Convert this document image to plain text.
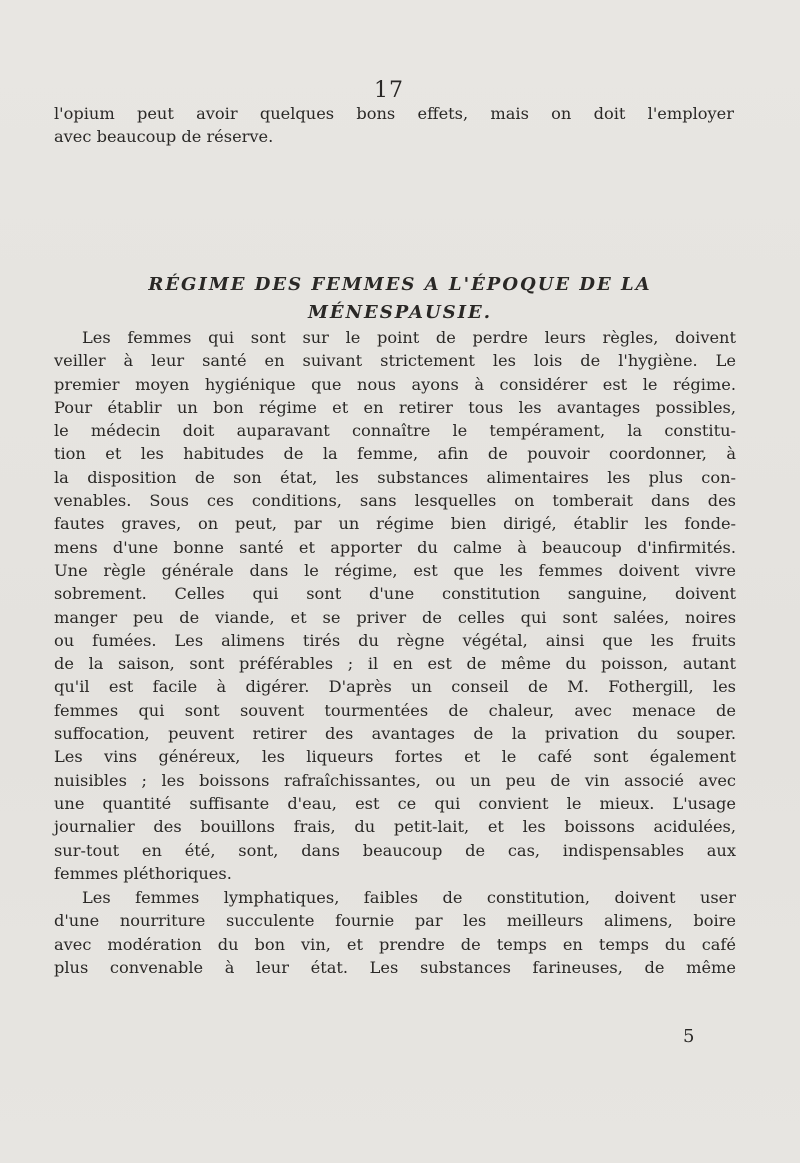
17
l'opium peut avoir quelques bons effets, mais on doit l'employer
avec beaucoup de réserve.
RÉGIME DES FEMMES A L'ÉPOQUE DE LA
MÉNESPAUSIE.
Les femmes qui sont sur le point de perdre leurs règles, doivent
veiller à leur santé en suivant strictement les lois de l'hygiène. Le
premier moyen hygiénique que nous ayons à considérer est le régime.
Pour établir un bon régime et en retirer tous les avantages possibles,
le médecin doit auparavant connaître le tempérament, la constitu-
tion et les habitudes de la femme, afin de pouvoir coordonner, à
la disposition de son état, les substances alimentaires les plus con-
venables. Sous ces conditions, sans lesquelles on tomberait dans des
fautes graves, on peut, par un régime bien dirigé, établir les fonde-
mens d'une bonne santé et apporter du calme à beaucoup d'infirmités.
Une règle générale dans le régime, est que les femmes doivent vivre
sobrement. Celles qui sont d'une constitution sanguine, doivent
manger peu de viande, et se priver de celles qui sont salées, noires
ou fumées. Les alimens tirés du règne végétal, ainsi que les fruits
de la saison, sont préférables ; il en est de même du poisson, autant
qu'il est facile à digérer. D'après un conseil de M. Fothergill, les
femmes qui sont souvent tourmentées de chaleur, avec menace de
suffocation, peuvent retirer des avantages de la privation du souper.
Les vins généreux, les liqueurs fortes et le café sont également
nuisibles ; les boissons rafraîchissantes, ou un peu de vin associé avec
une quantité suffisante d'eau, est ce qui convient le mieux. L'usage
journalier des bouillons frais, du petit-lait, et les boissons acidulées,
sur-tout en été, sont, dans beaucoup de cas, indispensables aux
femmes pléthoriques.
Les femmes lymphatiques, faibles de constitution, doivent user
d'une nourriture succulente fournie par les meilleurs alimens, boire
avec modération du bon vin, et prendre de temps en temps du café
plus convenable à leur état. Les substances farineuses, de même
5
